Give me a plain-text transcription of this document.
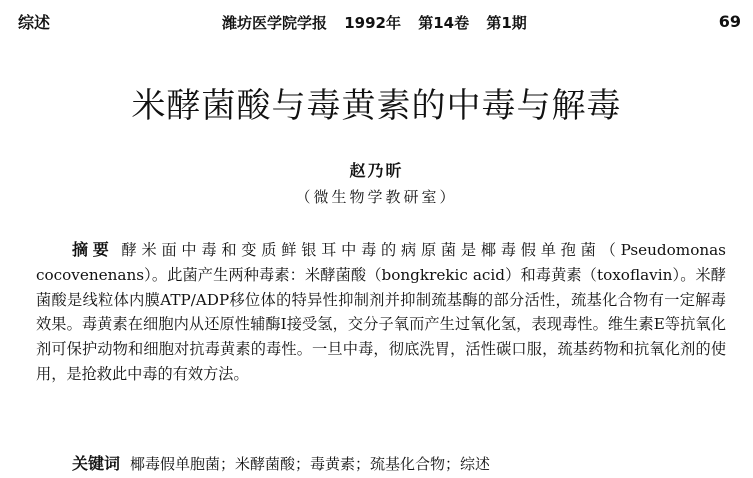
综述	潍坊医学院学报 1992年 第14卷 第1期	69
米酵菌酸与毒黄素的中毒与解毒
赵乃昕
（微生物学教研室）
摘要 酵米面中毒和变质鲜银耳中毒的病原菌是椰毒假单孢菌（Pseudomonas cocovenenans）。此菌产生两种毒素：米酵菌酸（bongkrekic acid）和毒黄素（toxoflavin）。米酵菌酸是线粒体内膜ATP/ADP移位体的特异性抑制剂并抑制巯基酶的部分活性，巯基化合物有一定解毒效果。毒黄素在细胞内从还原性辅酶Ⅰ接受氢，交分子氧而产生过氧化氢，表现毒性。维生素E等抗氧化剂可保护动物和细胞对抗毒黄素的毒性。一旦中毒，彻底洗胃，活性碳口服，巯基药物和抗氧化剂的使用，是抢救此中毒的有效方法。
关键词 椰毒假单胞菌；米酵菌酸；毒黄素；巯基化合物；综述
